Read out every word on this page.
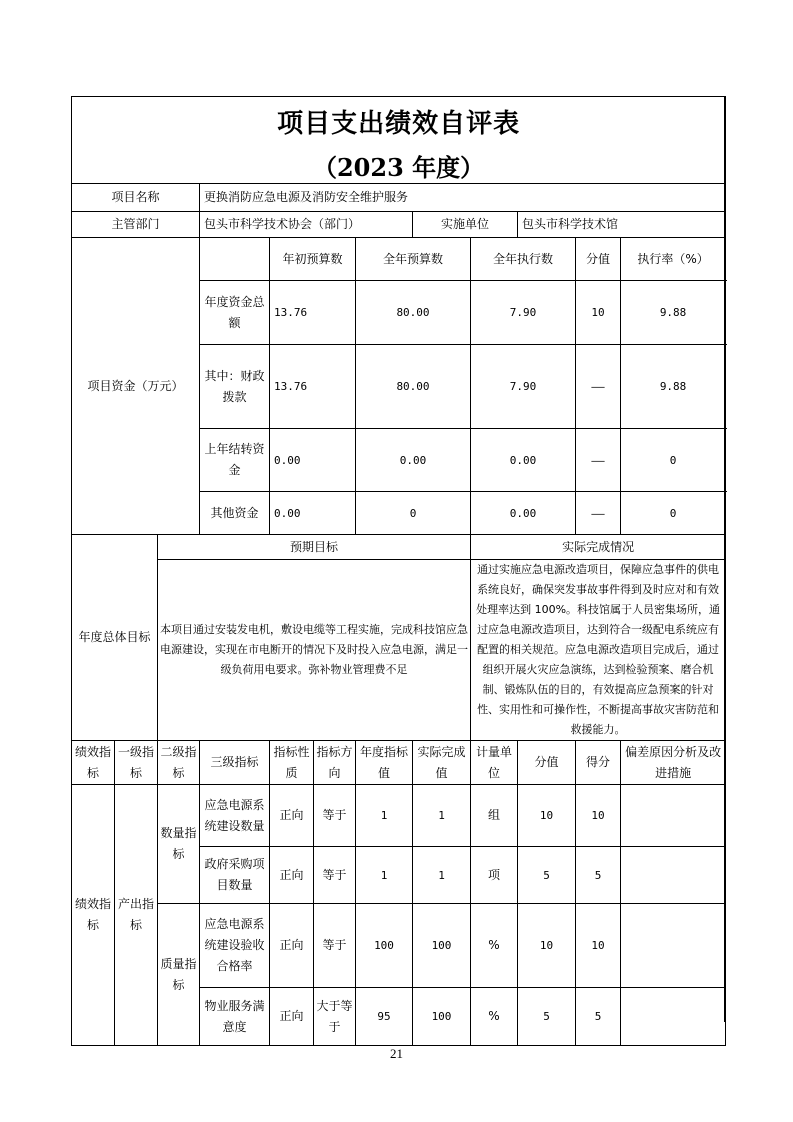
项目支出绩效自评表
（2023 年度）												

项目名称			更换消防应急电源及消防安全维护服务									
主管部门			包头市科学技术协会（部门）				实施单位		包头市科学技术馆			
项目资金（万元）				年初预算数		全年预算数		全年执行数		分值	执行率（%）	
			年度资金总额	13.76		80.00		7.90		10	9.88	
			其中：财政拨款	13.76		80.00		7.90		——	9.88	
			上年结转资金	0.00		0.00		0.00		——	0	
			其他资金	0.00		0		0.00		——	0	
年度总体目标		预期目标						实际完成情况				
		本项目通过安装发电机，敷设电缆等工程实施，完成科技馆应急电源建设，实现在市电断开的情况下及时投入应急电源，满足一级负荷用电要求。弥补物业管理费不足						通过实施应急电源改造项目，保障应急事件的供电系统良好，确保突发事故事件得到及时应对和有效处理率达到 100%。科技馆属于人员密集场所，通过应急电源改造项目，达到符合一级配电系统应有配置的相关规范。应急电源改造项目完成后，通过组织开展火灾应急演练，达到检验预案、磨合机制、锻炼队伍的目的，有效提高应急预案的针对性、实用性和可操作性，不断提高事故灾害防范和救援能力。				
绩效指标	一级指标	二级指标	三级指标	指标性质	指标方向	年度指标值	实际完成值	计量单位	分值	得分	偏差原因分析及改进措施	
绩效指标	产出指标	数量指标	应急电源系统建设数量	正向	等于	1	1	组	10	10		
			政府采购项目数量	正向	等于	1	1	项	5	5		
		质量指标	应急电源系统建设验收合格率	正向	等于	100	100	%	10	10		
			物业服务满意度	正向	大于等于	95	100	%	5	5		
21
